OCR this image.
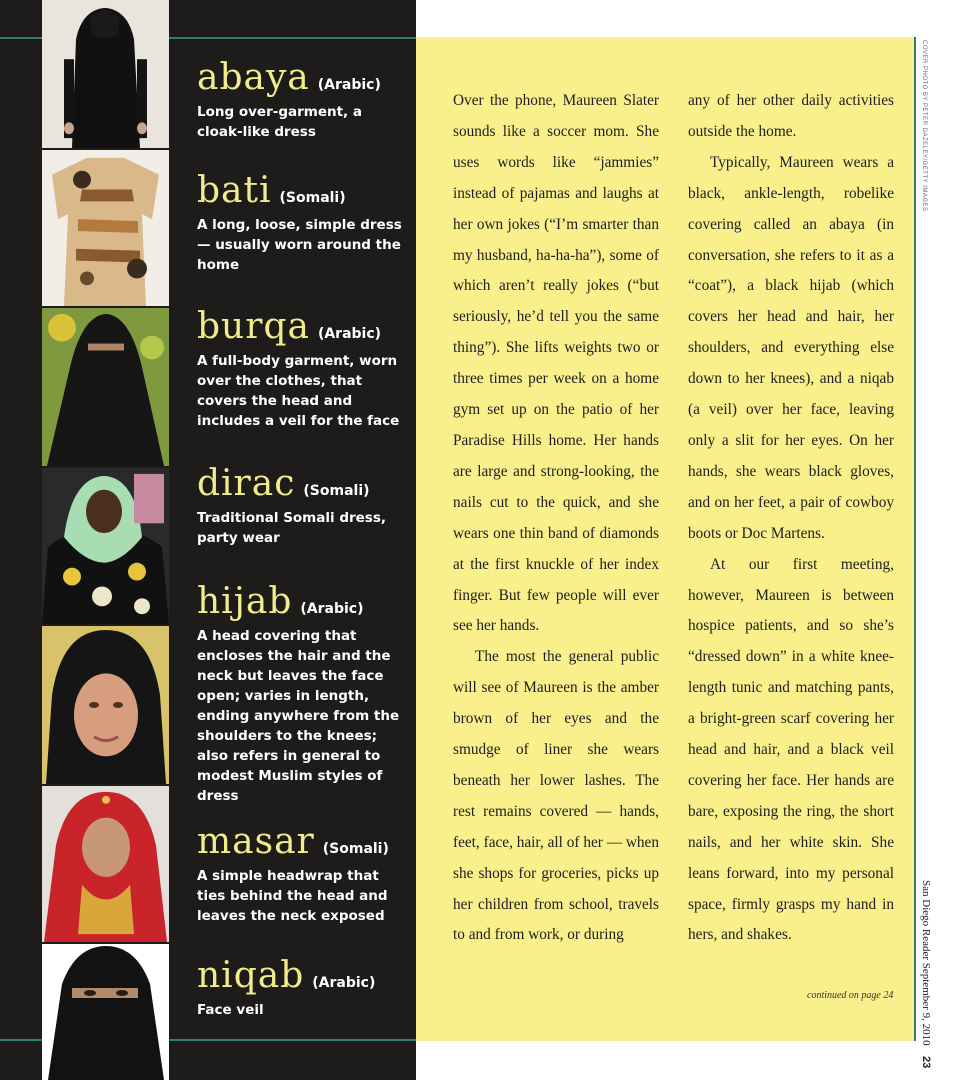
abaya (Arabic)
Long over-garment, a cloak-like dress
bati (Somali)
A long, loose, simple dress — usually worn around the home
burqa (Arabic)
A full-body garment, worn over the clothes, that covers the head and includes a veil for the face
dirac (Somali)
Traditional Somali dress, party wear
hijab (Arabic)
A head covering that encloses the hair and the neck but leaves the face open; varies in length, ending anywhere from the shoulders to the knees; also refers in general to modest Muslim styles of dress
masar (Somali)
A simple headwrap that ties behind the head and leaves the neck exposed
niqab (Arabic)
Face veil

Over the phone, Maureen Slater sounds like a soccer mom. She uses words like “jammies” instead of pajamas and laughs at her own jokes (“I’m smarter than my husband, ha-ha-ha”), some of which aren’t really jokes (“but seriously, he’d tell you the same thing”). She lifts weights two or three times per week on a home gym set up on the patio of her Paradise Hills home. Her hands are large and strong-looking, the nails cut to the quick, and she wears one thin band of diamonds at the first knuckle of her index finger. But few people will ever see her hands.

The most the general public will see of Maureen is the amber brown of her eyes and the smudge of liner she wears beneath her lower lashes. The rest remains covered — hands, feet, face, hair, all of her — when she shops for groceries, picks up her children from school, travels to and from work, or during

any of her other daily activities outside the home.

Typically, Maureen wears a black, ankle-length, robelike covering called an abaya (in conversation, she refers to it as a “coat”), a black hijab (which covers her head and hair, her shoulders, and everything else down to her knees), and a niqab (a veil) over her face, leaving only a slit for her eyes. On her hands, she wears black gloves, and on her feet, a pair of cowboy boots or Doc Martens.

At our first meeting, however, Maureen is between hospice patients, and so she’s “dressed down” in a white knee-length tunic and matching pants, a bright-green scarf covering her head and hair, and a black veil covering her face. Her hands are bare, exposing the ring, the short nails, and her white skin. She leans forward, into my personal space, firmly grasps my hand in hers, and shakes.

continued on page 24
COVER PHOTO BY PETER DAZELEY/GETTY IMAGES
San Diego Reader September 9, 2010 23
